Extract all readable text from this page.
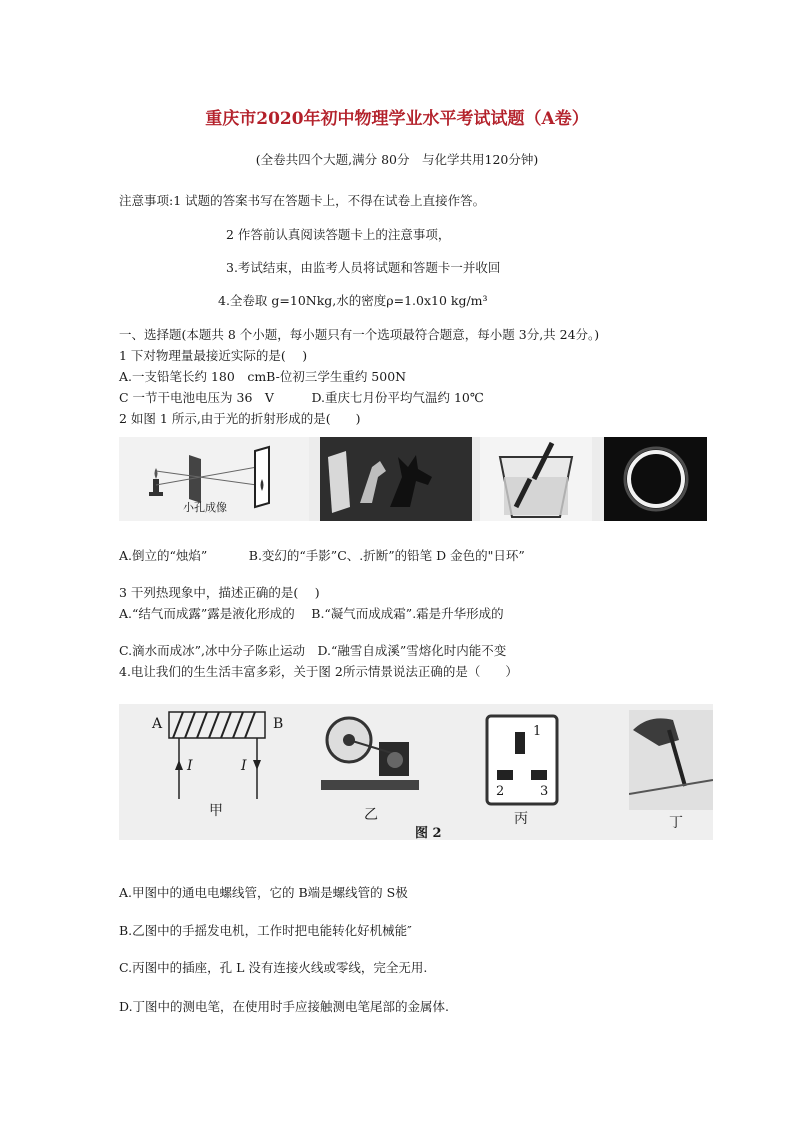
重庆市2020年初中物理学业水平考试试题（A卷）
(全卷共四个大题,满分 80分　与化学共用120分钟)
注意事项:1 试题的答案书写在答题卡上，不得在试卷上直接作答。
2 作答前认真阅读答题卡上的注意事项，
3.考试结束，由监考人员将试题和答题卡一并收回
4.全卷取 g=10Nkg,水的密度ρ=1.0x10 kg/m³
一、选择题(本题共 8 个小题，每小题只有一个选项最符合题意，每小题 3分,共 24分。)
1 下对物理量最接近实际的是(　 )
A.一支铅笔长约 180　cmB-位初三学生重约 500N
C 一节干电池电压为 36　V　　　D.重庆七月份平均气温约 10℃
2 如图 1 所示,由于光的折射形成的是(　　)
小孔成像
A.倒立的“烛焰”　　　 B.变幻的“手影”C、.折断”的铅笔 D 金色的"日环”
3 干列热现象中，描述正确的是(　 )
A.“结气而成露”露是液化形成的　 B.“凝气而成成霜”.霜是升华形成的
C.滴水而成冰”,冰中分子陈止运动　D.“融雪自成溪”雪熔化时内能不变
4.电让我们的生生活丰富多彩，关于图 2所示情景说法正确的是（　　）
A	B
I	I
甲	乙
1
2	3
丙	丁
图 2
A.甲图中的通电电螺线管，它的 B端是螺线管的 S极
B.乙图中的手摇发电机，工作时把电能转化好机械能″
C.丙图中的插座，孔 L 没有连接火线或零线，完全无用.
D.丁图中的测电笔，在使用时手应接触测电笔尾部的金属体.
